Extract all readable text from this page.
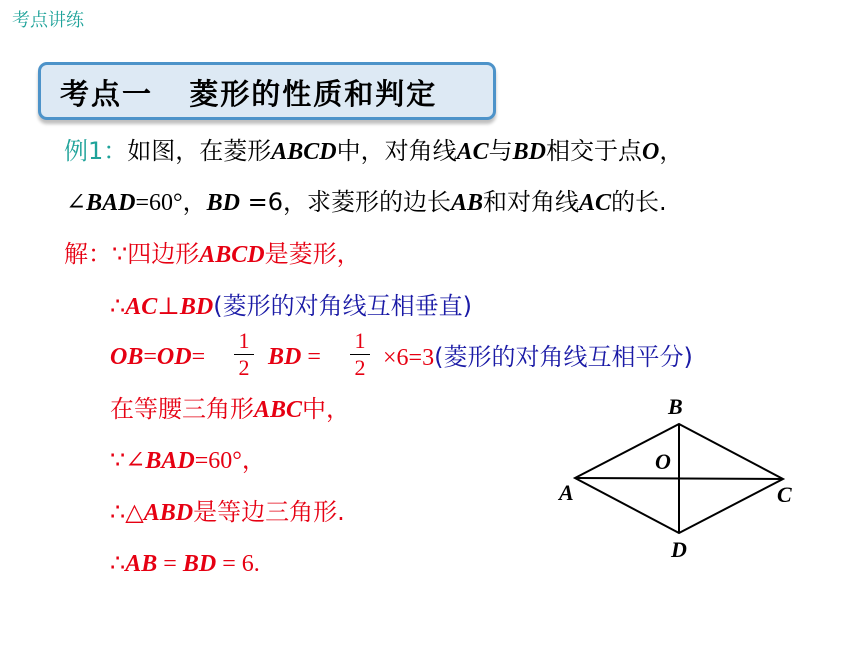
考点讲练
考点一   菱形的性质和判定
例1：如图，在菱形ABCD中，对角线AC与BD相交于点O，
∠BAD=60°，BD =6，求菱形的边长AB和对角线AC的长.
解：∵四边形ABCD是菱形，
∴AC⊥BD(菱形的对角线互相垂直)
OB=OD=
1
2 BD =
1
2 ×6=3(菱形的对角线互相平分)
在等腰三角形ABC中，
∵∠BAD=60°，
∴△ABD是等边三角形.
∴AB = BD = 6.
B
O
A	C
D
